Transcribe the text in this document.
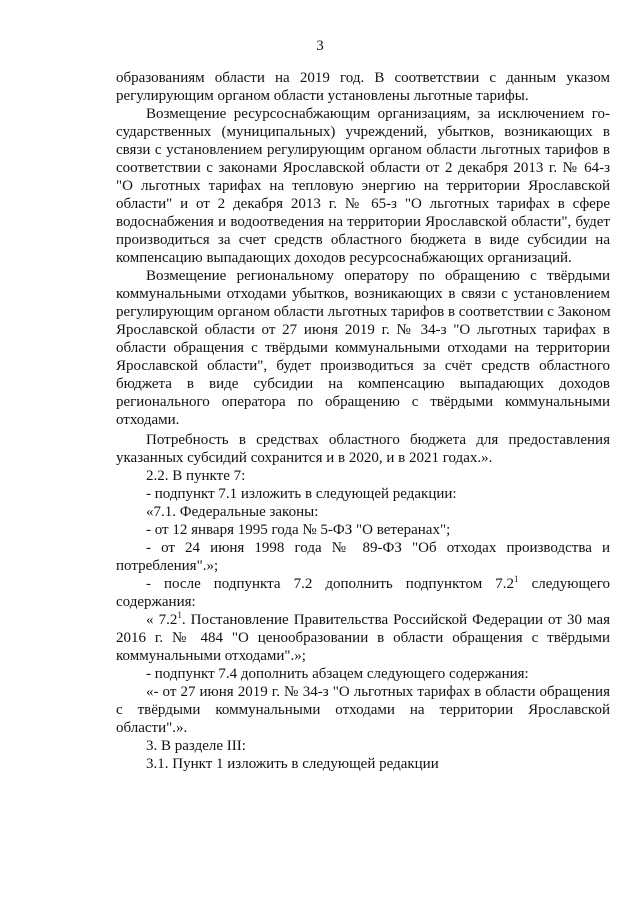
3
образованиям области на 2019 год. В соответствии с данным указом
регулирующим органом области установлены льготные тарифы.
Возмещение ресурсоснабжающим организациям, за исключением го-
сударственных (муниципальных) учреждений, убытков, возникающих в
связи с установлением регулирующим органом области льготных тарифов в
соответствии с законами Ярославской области от 2 декабря 2013 г. № 64-з
"О льготных тарифах на тепловую энергию на территории Ярославской
области" и от 2 декабря 2013 г. № 65-з "О льготных тарифах в сфере
водоснабжения и водоотведения на территории Ярославской области", будет
производиться за счет средств областного бюджета в виде субсидии на
компенсацию выпадающих доходов ресурсоснабжающих организаций.
Возмещение региональному оператору по обращению с твёрдыми
коммунальными отходами убытков, возникающих в связи с установлением
регулирующим органом области льготных тарифов в соответствии с Законом
Ярославской области от 27 июня 2019 г. № 34-з "О льготных тарифах в
области обращения с твёрдыми коммунальными отходами на территории
Ярославской области", будет производиться за счёт средств областного
бюджета в виде субсидии на компенсацию выпадающих доходов
регионального оператора по обращению с твёрдыми коммунальными
отходами.
Потребность в средствах областного бюджета для предоставления
указанных субсидий сохранится и в 2020, и в 2021 годах.».
2.2. В пункте 7:
- подпункт 7.1 изложить в следующей редакции:
«7.1. Федеральные законы:
- от 12 января 1995 года № 5-ФЗ "О ветеранах";
- от 24 июня 1998 года № 89-ФЗ "Об отходах производства и
потребления".»;
- после подпункта 7.2 дополнить подпунктом $7.2^1$ следующего
содержания:
« $7.2^1$. Постановление Правительства Российской Федерации от 30 мая
2016 г. № 484 "О ценообразовании в области обращения с твёрдыми
коммунальными отходами".»;
- подпункт 7.4 дополнить абзацем следующего содержания:
«- от 27 июня 2019 г. № 34-з "О льготных тарифах в области обращения
с твёрдыми коммунальными отходами на территории Ярославской
области".».
3. В разделе III:
3.1. Пункт 1 изложить в следующей редакции
